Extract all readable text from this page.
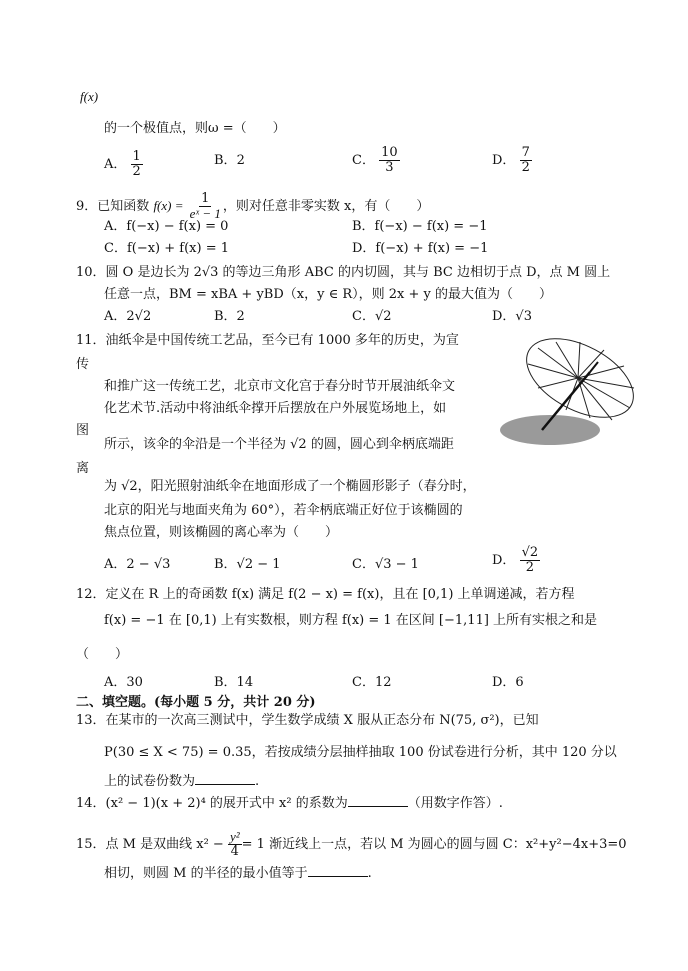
f(x)
的一个极值点，则ω =（　　）
A． $\frac{1}{2}$	B．2	C． $\frac{10}{3}$	D． $\frac{7}{2}$
9．已知函数 $f(x) = \frac{1}{\text{eˣ − 1}}$ ，则对任意非零实数 x，有（　　）
A．f(−x) − f(x) = 0	B．f(−x) − f(x) = −1
C．f(−x) + f(x) = 1	D．f(−x) + f(x) = −1
10．圆 O 是边长为 2√3 的等边三角形 ABC 的内切圆，其与 BC 边相切于点 D，点 M 圆上
任意一点，BM = xBA + yBD（x，y ∈ R），则 2x + y 的最大值为（　　）
A．2√2	B．2	C．√2	D．√3
11．油纸伞是中国传统工艺品，至今已有 1000 多年的历史，为宣
传
和推广这一传统工艺，北京市文化宫于春分时节开展油纸伞文
化艺术节.活动中将油纸伞撑开后摆放在户外展览场地上，如
图
所示，该伞的伞沿是一个半径为 √2 的圆，圆心到伞柄底端距
离
为 √2，阳光照射油纸伞在地面形成了一个椭圆形影子（春分时，
北京的阳光与地面夹角为 60°），若伞柄底端正好位于该椭圆的
焦点位置，则该椭圆的离心率为（　　）
A．2 − √3	B．√2 − 1	C．√3 − 1	D． $\frac{√2}{2}$
12．定义在 R 上的奇函数 f(x) 满足 f(2 − x) = f(x)，且在 [0,1) 上单调递减，若方程
f(x) = −1 在 [0,1) 上有实数根，则方程 f(x) = 1 在区间 [−1,11] 上所有实根之和是
（　　）
A．30	B．14	C．12	D．6
二、填空题。(每小题 5 分，共计 20 分)
13．在某市的一次高三测试中，学生数学成绩 X 服从正态分布 N(75, σ²)，已知
P(30 ≤ X < 75) = 0.35，若按成绩分层抽样抽取 100 份试卷进行分析，其中 120 分以
上的试卷份数为	.
14．(x² − 1)(x + 2)⁴ 的展开式中 x² 的系数为	（用数字作答）.
15．点 M 是双曲线 $x^2 - \frac{\text{y²}}{4} = 1$ 渐近线上一点，若以 M 为圆心的圆与圆 C：x²+y²−4x+3=0
相切，则圆 M 的半径的最小值等于	.
